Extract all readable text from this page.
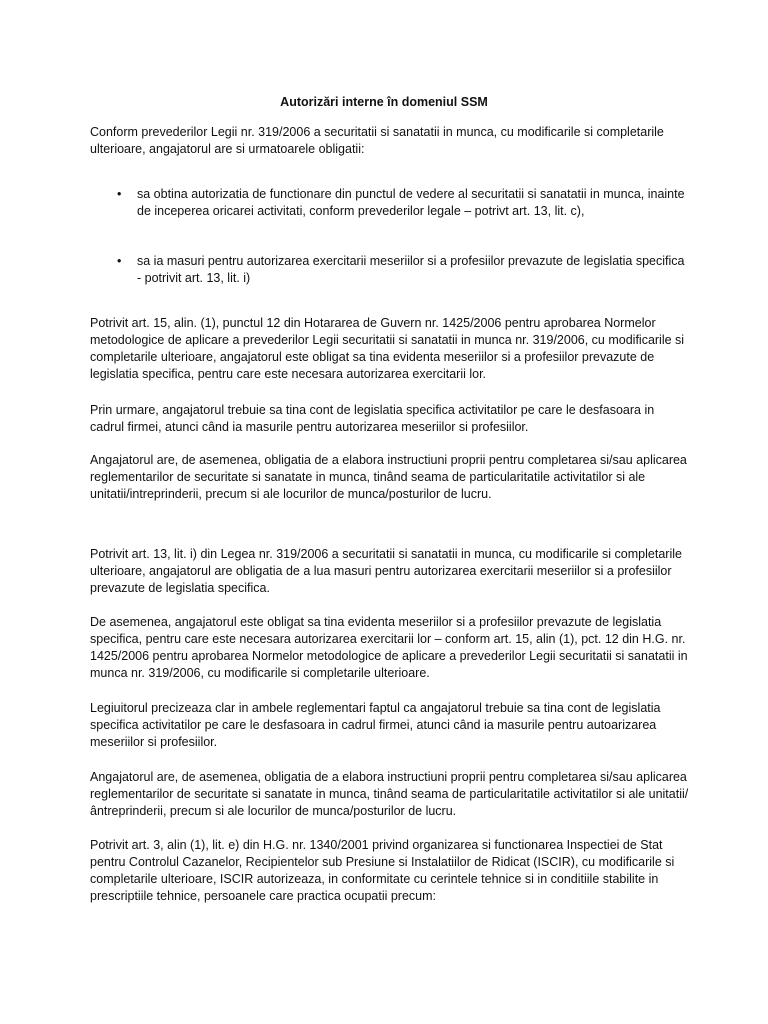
Autorizări interne în domeniul SSM

Conform prevederilor Legii nr. 319/2006 a securitatii si sanatatii in munca, cu modificarile si completarile ulterioare, angajatorul are si urmatoarele obligatii:

• sa obtina autorizatia de functionare din punctul de vedere al securitatii si sanatatii in munca, inainte de inceperea oricarei activitati, conform prevederilor legale – potrivt art. 13, lit. c),
• sa ia masuri pentru autorizarea exercitarii meseriilor si a profesiilor prevazute de legislatia specifica - potrivit art. 13, lit. i)

Potrivit art. 15, alin. (1), punctul 12 din Hotararea de Guvern nr. 1425/2006 pentru aprobarea Normelor metodologice de aplicare a prevederilor Legii securitatii si sanatatii in munca nr. 319/2006, cu modificarile si completarile ulterioare, angajatorul este obligat sa tina evidenta meseriilor si a profesiilor prevazute de legislatia specifica, pentru care este necesara autorizarea exercitarii lor.

Prin urmare, angajatorul trebuie sa tina cont de legislatia specifica activitatilor pe care le desfasoara in cadrul firmei, atunci când ia masurile pentru autorizarea meseriilor si profesiilor.

Angajatorul are, de asemenea, obligatia de a elabora instructiuni proprii pentru completarea si/sau aplicarea reglementarilor de securitate si sanatate in munca, tinând seama de particularitatile activitatilor si ale unitatii/intreprinderii, precum si ale locurilor de munca/posturilor de lucru.

Potrivit art. 13, lit. i) din Legea nr. 319/2006 a securitatii si sanatatii in munca, cu modificarile si completarile ulterioare, angajatorul are obligatia de a lua masuri pentru autorizarea exercitarii meseriilor si a profesiilor prevazute de legislatia specifica.

De asemenea, angajatorul este obligat sa tina evidenta meseriilor si a profesiilor prevazute de legislatia specifica, pentru care este necesara autorizarea exercitarii lor – conform art. 15, alin (1), pct. 12 din H.G. nr. 1425/2006 pentru aprobarea Normelor metodologice de aplicare a prevederilor Legii securitatii si sanatatii in munca nr. 319/2006, cu modificarile si completarile ulterioare.

Legiuitorul precizeaza clar in ambele reglementari faptul ca angajatorul trebuie sa tina cont de legislatia specifica activitatilor pe care le desfasoara in cadrul firmei, atunci când ia masurile pentru autoarizarea meseriilor si profesiilor.

Angajatorul are, de asemenea, obligatia de a elabora instructiuni proprii pentru completarea si/sau aplicarea reglementarilor de securitate si sanatate in munca, tinând seama de particularitatile activitatilor si ale unitatii/ântreprinderii, precum si ale locurilor de munca/posturilor de lucru.

Potrivit art. 3, alin (1), lit. e) din H.G. nr. 1340/2001 privind organizarea si functionarea Inspectiei de Stat pentru Controlul Cazanelor, Recipientelor sub Presiune si Instalatiilor de Ridicat (ISCIR), cu modificarile si completarile ulterioare, ISCIR autorizeaza, in conformitate cu cerintele tehnice si in conditiile stabilite in prescriptiile tehnice, persoanele care practica ocupatii precum:
